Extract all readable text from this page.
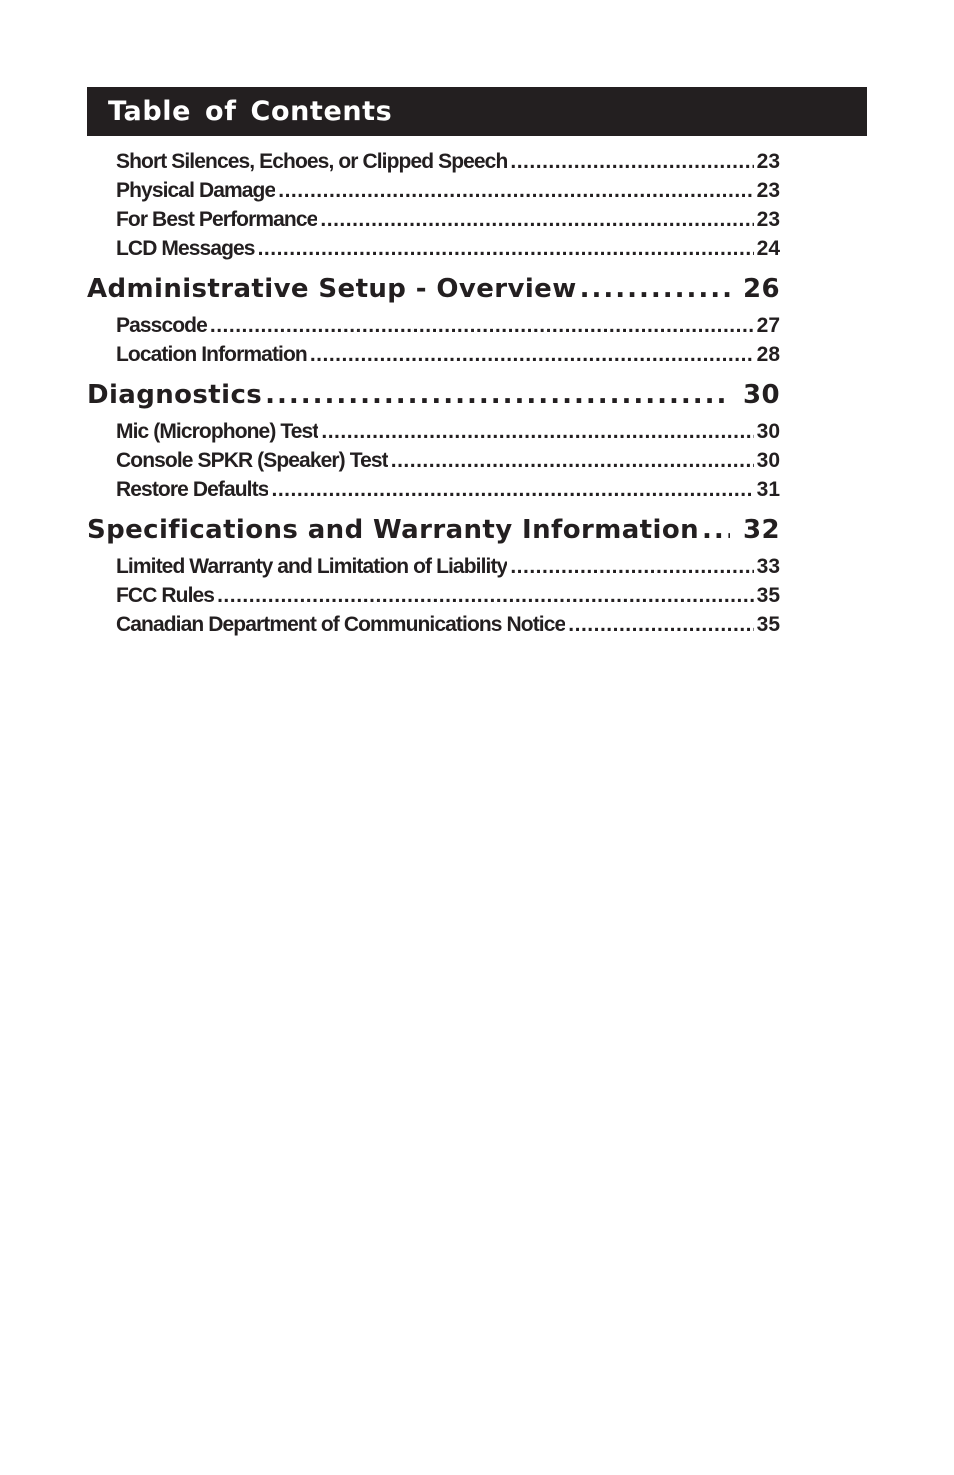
Table of Contents
Short Silences, Echoes, or Clipped Speech .....	23
Physical Damage .....	23
For Best Performance .....	23
LCD Messages .....	24
Administrative Setup - Overview .....	26
Passcode .....	27
Location Information .....	28
Diagnostics .....	30
Mic (Microphone) Test .....	30
Console SPKR (Speaker) Test .....	30
Restore Defaults .....	31
Specifications and Warranty Information .....	32
Limited Warranty and Limitation of Liability .....	33
FCC Rules .....	35
Canadian Department of Communications Notice .....	35
